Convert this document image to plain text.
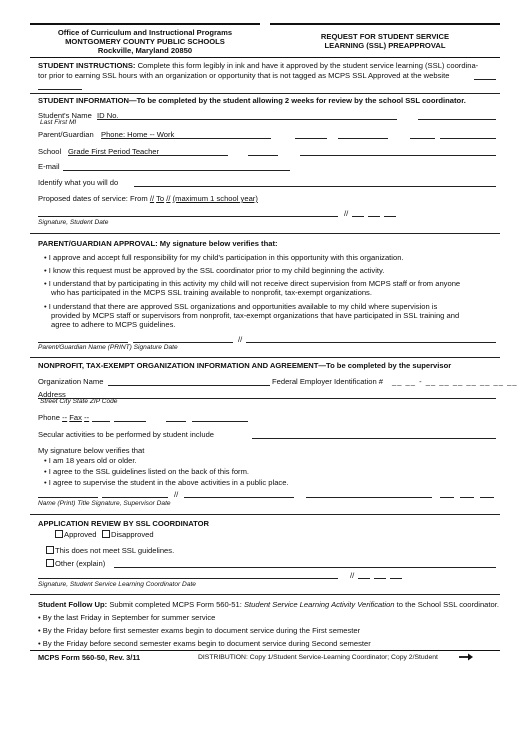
Office of Curriculum and Instructional Programs
MONTGOMERY COUNTY PUBLIC SCHOOLS
Rockville, Maryland 20850
REQUEST FOR STUDENT SERVICE
LEARNING (SSL) PREAPPROVAL
STUDENT INSTRUCTIONS: Complete this form legibly in ink and have it approved by the student service learning (SSL) coordina-
tor prior to earning SSL hours with an organization or opportunity that is not tagged as MCPS SSL Approved at the website
STUDENT INFORMATION—To be completed by the student allowing 2 weeks for review by the school SSL coordinator.
Student's Name ID No.
Last First MI
Parent/Guardian Phone: Home -- Work
School Grade First Period Teacher
E-mail
Identify what you will do
Proposed dates of service: From // To // (maximum 1 school year)
//
Signature, Student Date
PARENT/GUARDIAN APPROVAL: My signature below verifies that:
• I approve and accept full responsibility for my child's participation in this opportunity with this organization.
• I know this request must be approved by the SSL coordinator prior to my child beginning the activity.
• I understand that by participating in this activity my child will not receive direct supervision from MCPS staff or from anyone
who has participated in the MCPS SSL training available to nonprofit, tax-exempt organizations.
• I understand that there are approved SSL organizations and opportunities available to my child where supervision is
provided by MCPS staff or supervisors from nonprofit, tax-exempt organizations that have participated in SSL training and
agree to adhere to MCPS guidelines.
//
Parent/Guardian Name (PRINT) Signature Date
NONPROFIT, TAX-EXEMPT ORGANIZATION INFORMATION AND AGREEMENT—To be completed by the supervisor
Organization Name	Federal Employer Identification # __ __ - __ __ __ __ __ __ __
Address
Street City State ZIP Code
Phone -- Fax --
Secular activities to be performed by student include
My signature below verifies that
• I am 18 years old or older.
• I agree to the SSL guidelines listed on the back of this form.
• I agree to supervise the student in the above activities in a public place.
//
Name (Print) Title Signature, Supervisor Date
APPLICATION REVIEW BY SSL COORDINATOR
Approved Disapproved
This does not meet SSL guidelines.
Other (explain)
//
Signature, Student Service Learning Coordinator Date
Student Follow Up: Submit completed MCPS Form 560-51: Student Service Learning Activity Verification to the School SSL coordinator.
• By the last Friday in September for summer service
• By the Friday before first semester exams begin to document service during the First semester
• By the Friday before second semester exams begin to document service during Second semester
MCPS Form 560-50, Rev. 3/11	DISTRIBUTION: Copy 1/Student Service-Learning Coordinator; Copy 2/Student
